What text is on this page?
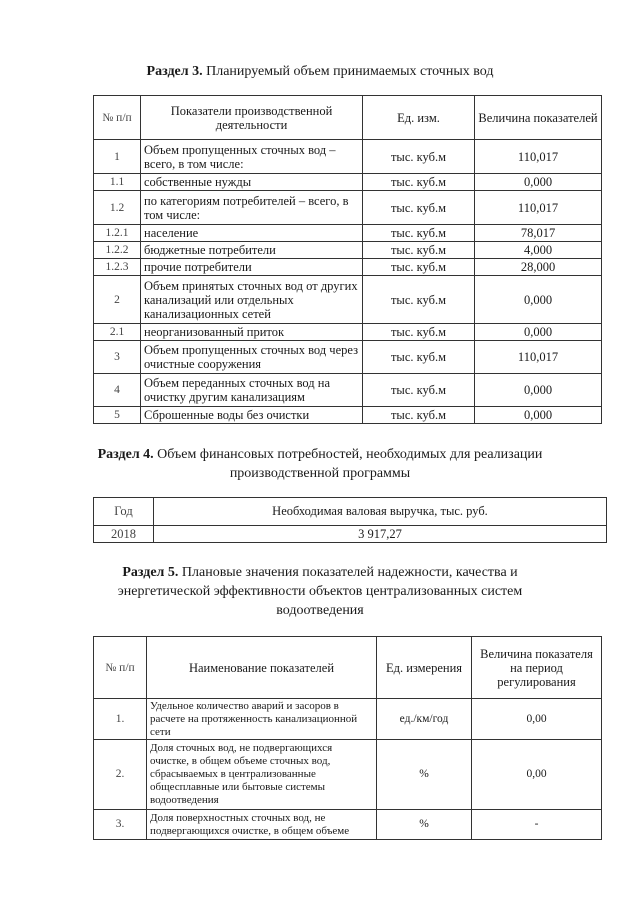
Раздел 3. Планируемый объем принимаемых сточных вод
№ п/п	Показатели производственной деятельности	Ед. изм.	Величина показателей
1	Объем пропущенных сточных вод – всего, в том числе:	тыс. куб.м	110,017
1.1	собственные нужды	тыс. куб.м	0,000
1.2	по категориям потребителей – всего, в том числе:	тыс. куб.м	110,017
1.2.1	население	тыс. куб.м	78,017
1.2.2	бюджетные потребители	тыс. куб.м	4,000
1.2.3	прочие потребители	тыс. куб.м	28,000
2	Объем принятых сточных вод от других канализаций или отдельных канализационных сетей	тыс. куб.м	0,000
2.1	неорганизованный приток	тыс. куб.м	0,000
3	Объем пропущенных сточных вод через очистные сооружения	тыс. куб.м	110,017
4	Объем переданных сточных вод на очистку другим канализациям	тыс. куб.м	0,000
5	Сброшенные воды без очистки	тыс. куб.м	0,000
Раздел 4. Объем финансовых потребностей, необходимых для реализации
производственной программы
Год	Необходимая валовая выручка, тыс. руб.
2018	3 917,27
Раздел 5. Плановые значения показателей надежности, качества и
энергетической эффективности объектов централизованных систем
водоотведения
№ п/п	Наименование показателей	Ед. измерения	Величина показателя на период регулирования
1.	Удельное количество аварий и засоров в расчете на протяженность канализационной сети	ед./км/год	0,00
2.	Доля сточных вод, не подвергающихся очистке, в общем объеме сточных вод, сбрасываемых в централизованные общесплавные или бытовые системы водоотведения	%	0,00
3.	Доля поверхностных сточных вод, не подвергающихся очистке, в общем объеме	%	-
